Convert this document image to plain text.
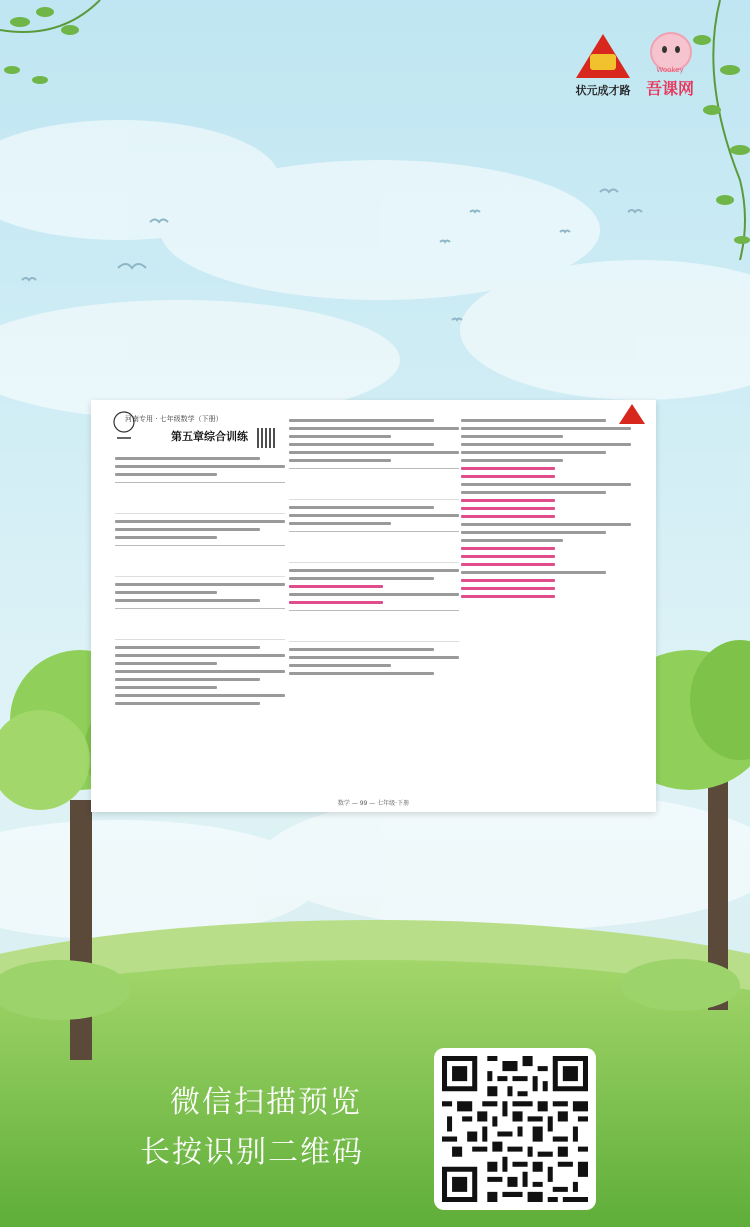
状元成才路
Wookey
吾课网
河南专用 · 七年级数学（下册）
第五章综合训练
数学 — 99 — 七年级·下册
微信扫描预览
长按识别二维码
